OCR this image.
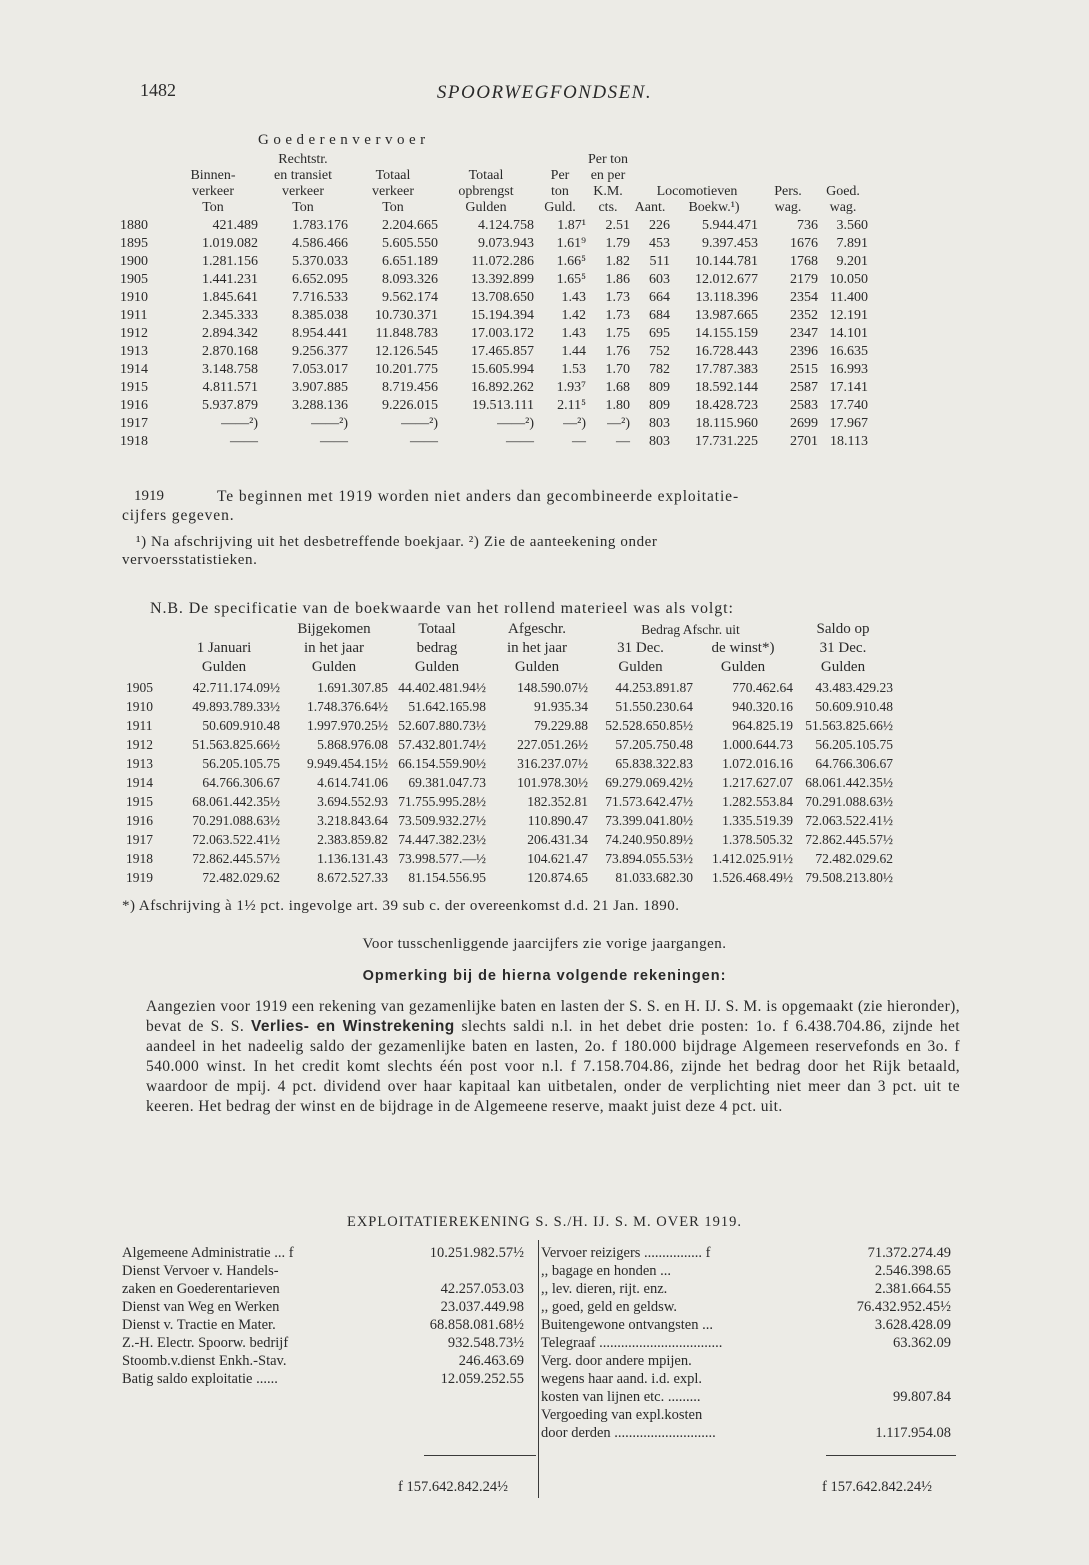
1482	SPOORWEGFONDSEN.
Goederenvervoer
		Rechtstr.				Per ton				
	Binnen-	en transiet	Totaal	Totaal	Per	en per				
	verkeer	verkeer	verkeer	opbrengst	ton	K.M.	Locomotieven		Pers.	Goed.
	Ton	Ton	Ton	Gulden	Guld.	cts.	Aant.	Boekw.¹)	wag.	wag.
1880	421.489	1.783.176	2.204.665	4.124.758	1.87¹	2.51	226	5.944.471	736	3.560
1895	1.019.082	4.586.466	5.605.550	9.073.943	1.61⁹	1.79	453	9.397.453	1676	7.891
1900	1.281.156	5.370.033	6.651.189	11.072.286	1.66⁵	1.82	511	10.144.781	1768	9.201
1905	1.441.231	6.652.095	8.093.326	13.392.899	1.65⁵	1.86	603	12.012.677	2179	10.050
1910	1.845.641	7.716.533	9.562.174	13.708.650	1.43	1.73	664	13.118.396	2354	11.400
1911	2.345.333	8.385.038	10.730.371	15.194.394	1.42	1.73	684	13.987.665	2352	12.191
1912	2.894.342	8.954.441	11.848.783	17.003.172	1.43	1.75	695	14.155.159	2347	14.101
1913	2.870.168	9.256.377	12.126.545	17.465.857	1.44	1.76	752	16.728.443	2396	16.635
1914	3.148.758	7.053.017	10.201.775	15.605.994	1.53	1.70	782	17.787.383	2515	16.993
1915	4.811.571	3.907.885	8.719.456	16.892.262	1.93⁷	1.68	809	18.592.144	2587	17.141
1916	5.937.879	3.288.136	9.226.015	19.513.111	2.11⁵	1.80	809	18.428.723	2583	17.740
1917	——²)	——²)	——²)	——²)	—²)	—²)	803	18.115.960	2699	17.967
1918	——	——	——	——	—	—	803	17.731.225	2701	18.113
1919	Te beginnen met 1919 worden niet anders dan gecombineerde exploitatie-
cijfers gegeven.
¹) Na afschrijving uit het desbetreffende boekjaar. ²) Zie de aanteekening onder
vervoersstatistieken.
N.B. De specificatie van de boekwaarde van het rollend materieel was als volgt:
		Bijgekomen	Totaal	Afgeschr.	Bedrag Afschr. uit		Saldo op
	1 Januari	in het jaar	bedrag	in het jaar	31 Dec.	de winst*)	31 Dec.
	Gulden	Gulden	Gulden	Gulden	Gulden	Gulden	Gulden
1905	42.711.174.09½	1.691.307.85	44.402.481.94½	148.590.07½	44.253.891.87	770.462.64	43.483.429.23
1910	49.893.789.33½	1.748.376.64½	51.642.165.98	91.935.34	51.550.230.64	940.320.16	50.609.910.48
1911	50.609.910.48	1.997.970.25½	52.607.880.73½	79.229.88	52.528.650.85½	964.825.19	51.563.825.66½
1912	51.563.825.66½	5.868.976.08	57.432.801.74½	227.051.26½	57.205.750.48	1.000.644.73	56.205.105.75
1913	56.205.105.75	9.949.454.15½	66.154.559.90½	316.237.07½	65.838.322.83	1.072.016.16	64.766.306.67
1914	64.766.306.67	4.614.741.06	69.381.047.73	101.978.30½	69.279.069.42½	1.217.627.07	68.061.442.35½
1915	68.061.442.35½	3.694.552.93	71.755.995.28½	182.352.81	71.573.642.47½	1.282.553.84	70.291.088.63½
1916	70.291.088.63½	3.218.843.64	73.509.932.27½	110.890.47	73.399.041.80½	1.335.519.39	72.063.522.41½
1917	72.063.522.41½	2.383.859.82	74.447.382.23½	206.431.34	74.240.950.89½	1.378.505.32	72.862.445.57½
1918	72.862.445.57½	1.136.131.43	73.998.577.—½	104.621.47	73.894.055.53½	1.412.025.91½	72.482.029.62
1919	72.482.029.62	8.672.527.33	81.154.556.95	120.874.65	81.033.682.30	1.526.468.49½	79.508.213.80½
*) Afschrijving à 1½ pct. ingevolge art. 39 sub c. der overeenkomst d.d. 21 Jan. 1890.
Voor tusschenliggende jaarcijfers zie vorige jaargangen.
Opmerking bij de hierna volgende rekeningen:
Aangezien voor 1919 een rekening van gezamenlijke baten en lasten der S. S. en H. IJ. S. M. is opgemaakt (zie hieronder), bevat de S. S. Verlies- en Winstrekening slechts saldi n.l. in het debet drie posten: 1o. f 6.438.704.86, zijnde het aandeel in het nadeelig saldo der gezamenlijke baten en lasten, 2o. f 180.000 bijdrage Algemeen reservefonds en 3o. f 540.000 winst. In het credit komt slechts één post voor n.l. f 7.158.704.86, zijnde het bedrag door het Rijk betaald, waardoor de mpij. 4 pct. dividend over haar kapitaal kan uitbetalen, onder de verplichting niet meer dan 3 pct. uit te keeren. Het bedrag der winst en de bijdrage in de Algemeene reserve, maakt juist deze 4 pct. uit.
EXPLOITATIEREKENING S. S./H. IJ. S. M. OVER 1919.
Algemeene Administratie ... f	10.251.982.57½
Dienst Vervoer v. Handels-	
zaken en Goederentarieven	42.257.053.03
Dienst van Weg en Werken	23.037.449.98
Dienst v. Tractie en Mater.	68.858.081.68½
Z.-H. Electr. Spoorw. bedrijf	932.548.73½
Stoomb.v.dienst Enkh.-Stav.	246.463.69
Batig saldo exploitatie ......	12.059.252.55
Vervoer reizigers ................ f	71.372.274.49
,, bagage en honden ...	2.546.398.65
,, lev. dieren, rijt. enz.	2.381.664.55
,, goed, geld en geldsw.	76.432.952.45½
Buitengewone ontvangsten ...	3.628.428.09
Telegraaf ..................................	63.362.09
Verg. door andere mpijen.	
wegens haar aand. i.d. expl.	
kosten van lijnen etc. .........	99.807.84
Vergoeding van expl.kosten	
door derden ............................	1.117.954.08
f 157.642.842.24½	f 157.642.842.24½
